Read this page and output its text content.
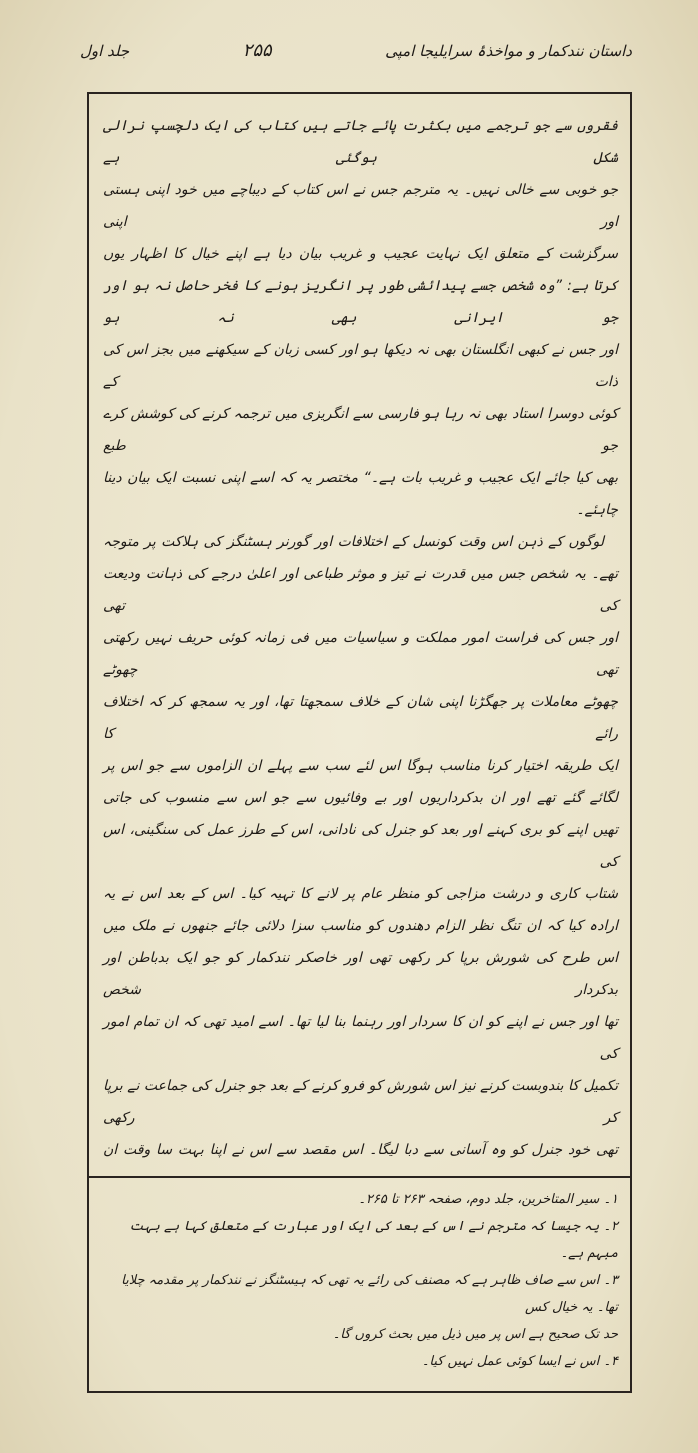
داستان نندکمار و مواخذۂ سرایلیجا امپی
۲۵۵
جلد اول
فقروں سے جو ترجمے میں بکثرت پائے جاتے ہیں کتاب کی ایک دلچسپ نرالی شکل ہوگئی ہے
جو خوبی سے خالی نہیں۔ یہ مترجم جس نے اس کتاب کے دیباچے میں خود اپنی ہستی اور اپنی
سرگزشت کے متعلق ایک نہایت عجیب و غریب بیان دیا ہے اپنے خیال کا اظہار یوں
کرتا ہے: ”وہ شخص جسے پیدائشی طور پر انگریز ہونے کا فخر حاصل نہ ہو اور جو ایرانی بھی نہ ہو
اور جس نے کبھی انگلستان بھی نہ دیکھا ہو اور کسی زبان کے سیکھنے میں بجز اس کی ذات کے
کوئی دوسرا استاد بھی نہ رہا ہو فارسی سے انگریزی میں ترجمہ کرنے کی کوشش کرے جو طبع
بھی کیا جائے ایک عجیب و غریب بات ہے۔“ مختصر یہ کہ اسے اپنی نسبت ایک بیان دینا چاہئے۔
لوگوں کے ذہن اس وقت کونسل کے اختلافات اور گورنر ہسٹنگز کی ہلاکت پر متوجہ
تھے۔ یہ شخص جس میں قدرت نے تیز و موثر طباعی اور اعلیٰ درجے کی ذہانت ودیعت کی تھی
اور جس کی فراست امور مملکت و سیاسیات میں فی زمانہ کوئی حریف نہیں رکھتی تھی چھوٹے
چھوٹے معاملات پر جھگڑنا اپنی شان کے خلاف سمجھتا تھا، اور یہ سمجھ کر کہ اختلاف رائے کا
ایک طریقہ اختیار کرنا مناسب ہوگا اس لئے سب سے پہلے ان الزاموں سے جو اس پر
لگائے گئے تھے اور ان بدکرداریوں اور بے وفائیوں سے جو اس سے منسوب کی جاتی
تھیں اپنے کو بری کہنے اور بعد کو جنرل کی نادانی، اس کے طرز عمل کی سنگینی، اس کی
شتاب کاری و درشت مزاجی کو منظر عام پر لانے کا تہیہ کیا۔ اس کے بعد اس نے یہ
ارادہ کیا کہ ان تنگ نظر الزام دھندوں کو مناسب سزا دلائی جائے جنھوں نے ملک میں
اس طرح کی شورش برپا کر رکھی تھی اور خاصکر نندکمار کو جو ایک بدباطن اور بدکردار شخص
تھا اور جس نے اپنے کو ان کا سردار اور رہنما بنا لیا تھا۔ اسے امید تھی کہ ان تمام امور کی
تکمیل کا بندوبست کرنے نیز اس شورش کو فرو کرنے کے بعد جو جنرل کی جماعت نے برپا کر رکھی
تھی خود جنرل کو وہ آسانی سے دبا لیگا۔ اس مقصد سے اس نے اپنا بہت سا وقت ان
۱۔ سیر المتاخرین، جلد دوم، صفحہ ۲۶۳ تا ۲۶۵۔
۲۔ یہ جیسا کہ مترجم نے اس کے بعد کی ایک اور عبارت کے متعلق کہا ہے بہت مبہم ہے۔
۳۔ اس سے صاف ظاہر ہے کہ مصنف کی رائے یہ تھی کہ ہیسٹنگز نے نندکمار پر مقدمہ چلایا تھا۔ یہ خیال کس
حد تک صحیح ہے اس پر میں ذیل میں بحث کروں گا۔
۴۔ اس نے ایسا کوئی عمل نہیں کیا۔
